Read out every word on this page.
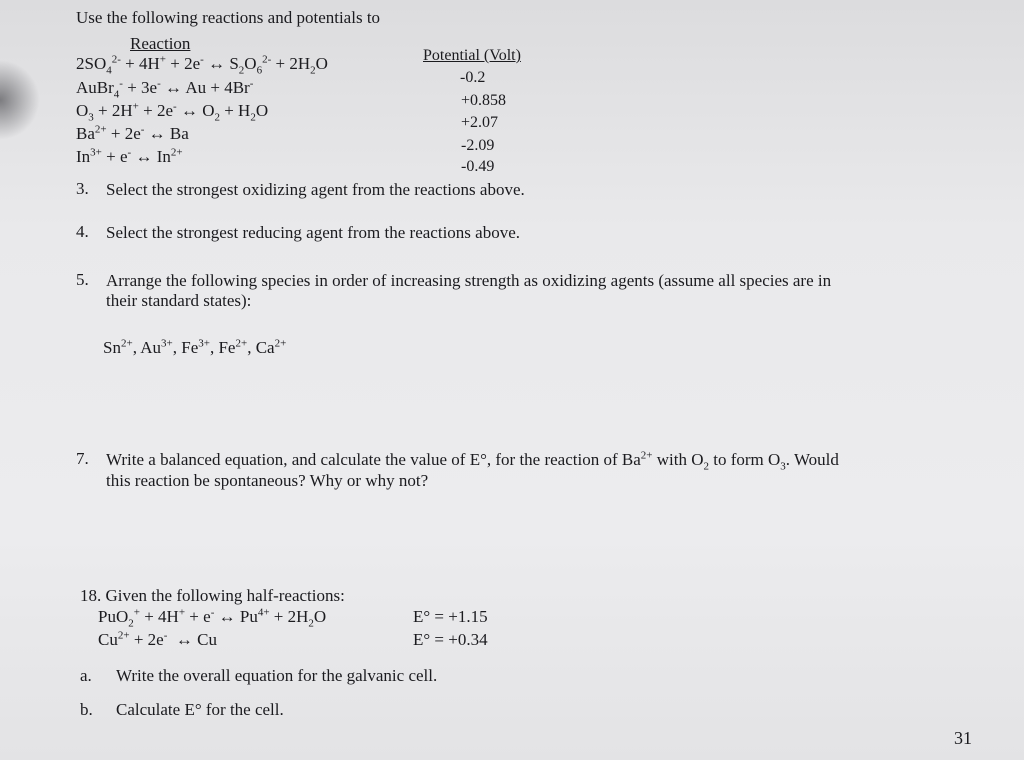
Use the following reactions and potentials to
Reaction
Potential (Volt)
$2SO_4^{2-} + 4H^+ + 2e^-$ ↔ $S_2O_6^{2-} + 2H_2O$
-0.2
AuBr$_4$- + 3e- ↔ Au + 4Br-
+0.858
$O_3 + 2H^+ + 2e^-$ ↔ $O_2 + H_2O$
+2.07
$Ba^{2+} + 2e^-$ ↔ Ba
-2.09
$In^{3+} + e^-$ ↔ $In^{2+}$
-0.49
3. Select the strongest oxidizing agent from the reactions above.
4. Select the strongest reducing agent from the reactions above.
5. Arrange the following species in order of increasing strength as oxidizing agents (assume all species are in
their standard states):
$Sn^{2+}$, $Au^{3+}$, $Fe^{3+}$, $Fe^{2+}$, $Ca^{2+}$
7. Write a balanced equation, and calculate the value of E°, for the reaction of $Ba^{2+}$ with $O_2$ to form $O_3$. Would
this reaction be spontaneous? Why or why not?
18. Given the following half-reactions:
PuO$_2$+ + 4H+ + e- ↔ $Pu^{4+} + 2H_2O$	E° = +1.15
$Cu^{2+} + 2e^-$  ↔ Cu	E° = +0.34
a. Write the overall equation for the galvanic cell.
b. Calculate E° for the cell.
31
